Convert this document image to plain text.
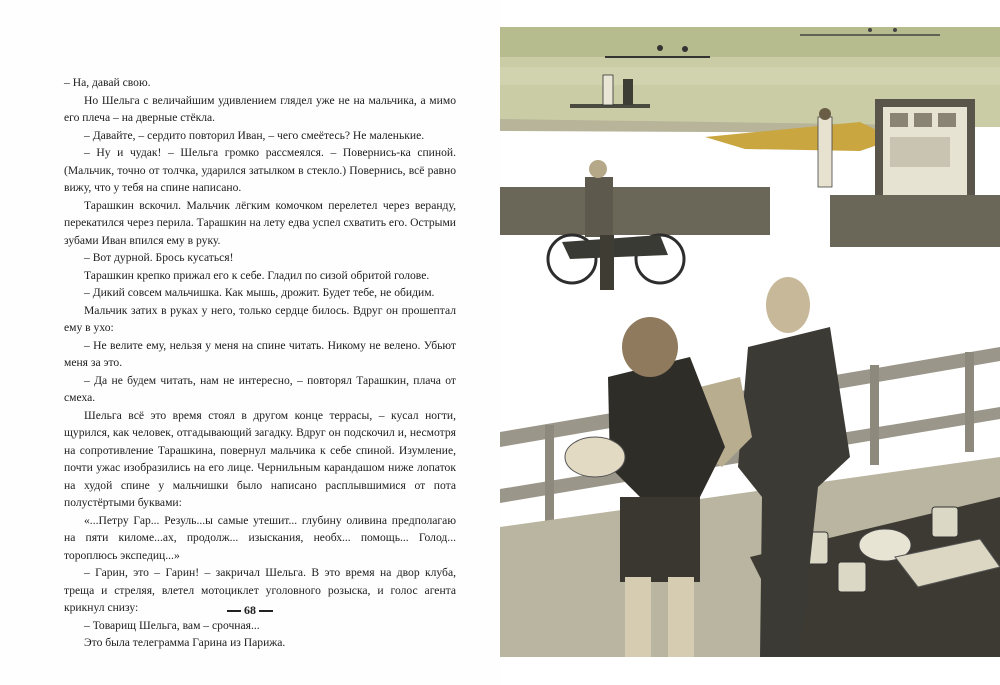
– На, давай свою.

Но Шельга с величайшим удивлением глядел уже не на мальчика, а мимо его плеча – на дверные стёкла.

– Давайте, – сердито повторил Иван, – чего смеётесь? Не маленькие.

– Ну и чудак! – Шельга громко рассмеялся. – Повернись-ка спиной. (Мальчик, точно от толчка, ударился затылком в стекло.) Повернись, всё равно вижу, что у тебя на спине написано.

Тарашкин вскочил. Мальчик лёгким комочком перелетел через веранду, перекатился через перила. Тарашкин на лету едва успел схватить его. Острыми зубами Иван впился ему в руку.

– Вот дурной. Брось кусаться!

Тарашкин крепко прижал его к себе. Гладил по сизой обритой голове.

– Дикий совсем мальчишка. Как мышь, дрожит. Будет тебе, не обидим.

Мальчик затих в руках у него, только сердце билось. Вдруг он прошептал ему в ухо:

– Не велите ему, нельзя у меня на спине читать. Никому не велено. Убьют меня за это.

– Да не будем читать, нам не интересно, – повторял Тарашкин, плача от смеха.

Шельга всё это время стоял в другом конце террасы, – кусал ногти, щурился, как человек, отгадывающий загадку. Вдруг он подскочил и, несмотря на сопротивление Тарашкина, повернул мальчика к себе спиной. Изумление, почти ужас изобразились на его лице. Чернильным карандашом ниже лопаток на худой спине у мальчишки было написано расплывшимися от пота полустёртыми буквами:

«...Петру Гар... Резуль...ы самые утешит... глубину оливина предполагаю на пяти киломе...ах, продолж... изыскания, необх... помощь... Голод... тороплюсь экспедиц...»

– Гарин, это – Гарин! – закричал Шельга. В это время на двор клуба, треща и стреляя, влетел мотоциклет уголовного розыска, и голос агента крикнул снизу:

– Товарищ Шельга, вам – срочная...

Это была телеграмма Гарина из Парижа.

68
